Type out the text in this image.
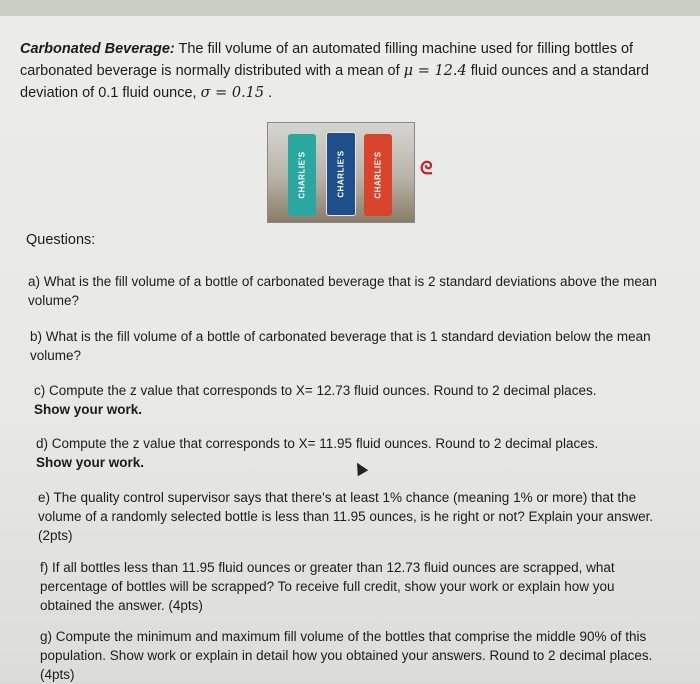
Carbonated Beverage: The fill volume of an automated filling machine used for filling bottles of carbonated beverage is normally distributed with a mean of μ = 12.4 fluid ounces and a standard deviation of 0.1 fluid ounce, σ = 0.15 .
CHARLIE'S	CHARLIE'S	CHARLIE'S ᘓ
Questions:
a) What is the fill volume of a bottle of carbonated beverage that is 2 standard deviations above the mean volume?
b) What is the fill volume of a bottle of carbonated beverage that is 1 standard deviation below the mean volume?
c) Compute the z value that corresponds to X= 12.73 fluid ounces. Round to 2 decimal places.
Show your work.
d) Compute the z value that corresponds to X= 11.95 fluid ounces. Round to 2 decimal places.
Show your work.
e) The quality control supervisor says that there's at least 1% chance (meaning 1% or more) that the volume of a randomly selected bottle is less than 11.95 ounces, is he right or not? Explain your answer. (2pts)
f) If all bottles less than 11.95 fluid ounces or greater than 12.73 fluid ounces are scrapped, what percentage of bottles will be scrapped? To receive full credit, show your work or explain how you obtained the answer. (4pts)
g) Compute the minimum and maximum fill volume of the bottles that comprise the middle 90% of this population. Show work or explain in detail how you obtained your answers. Round to 2 decimal places. (4pts)
